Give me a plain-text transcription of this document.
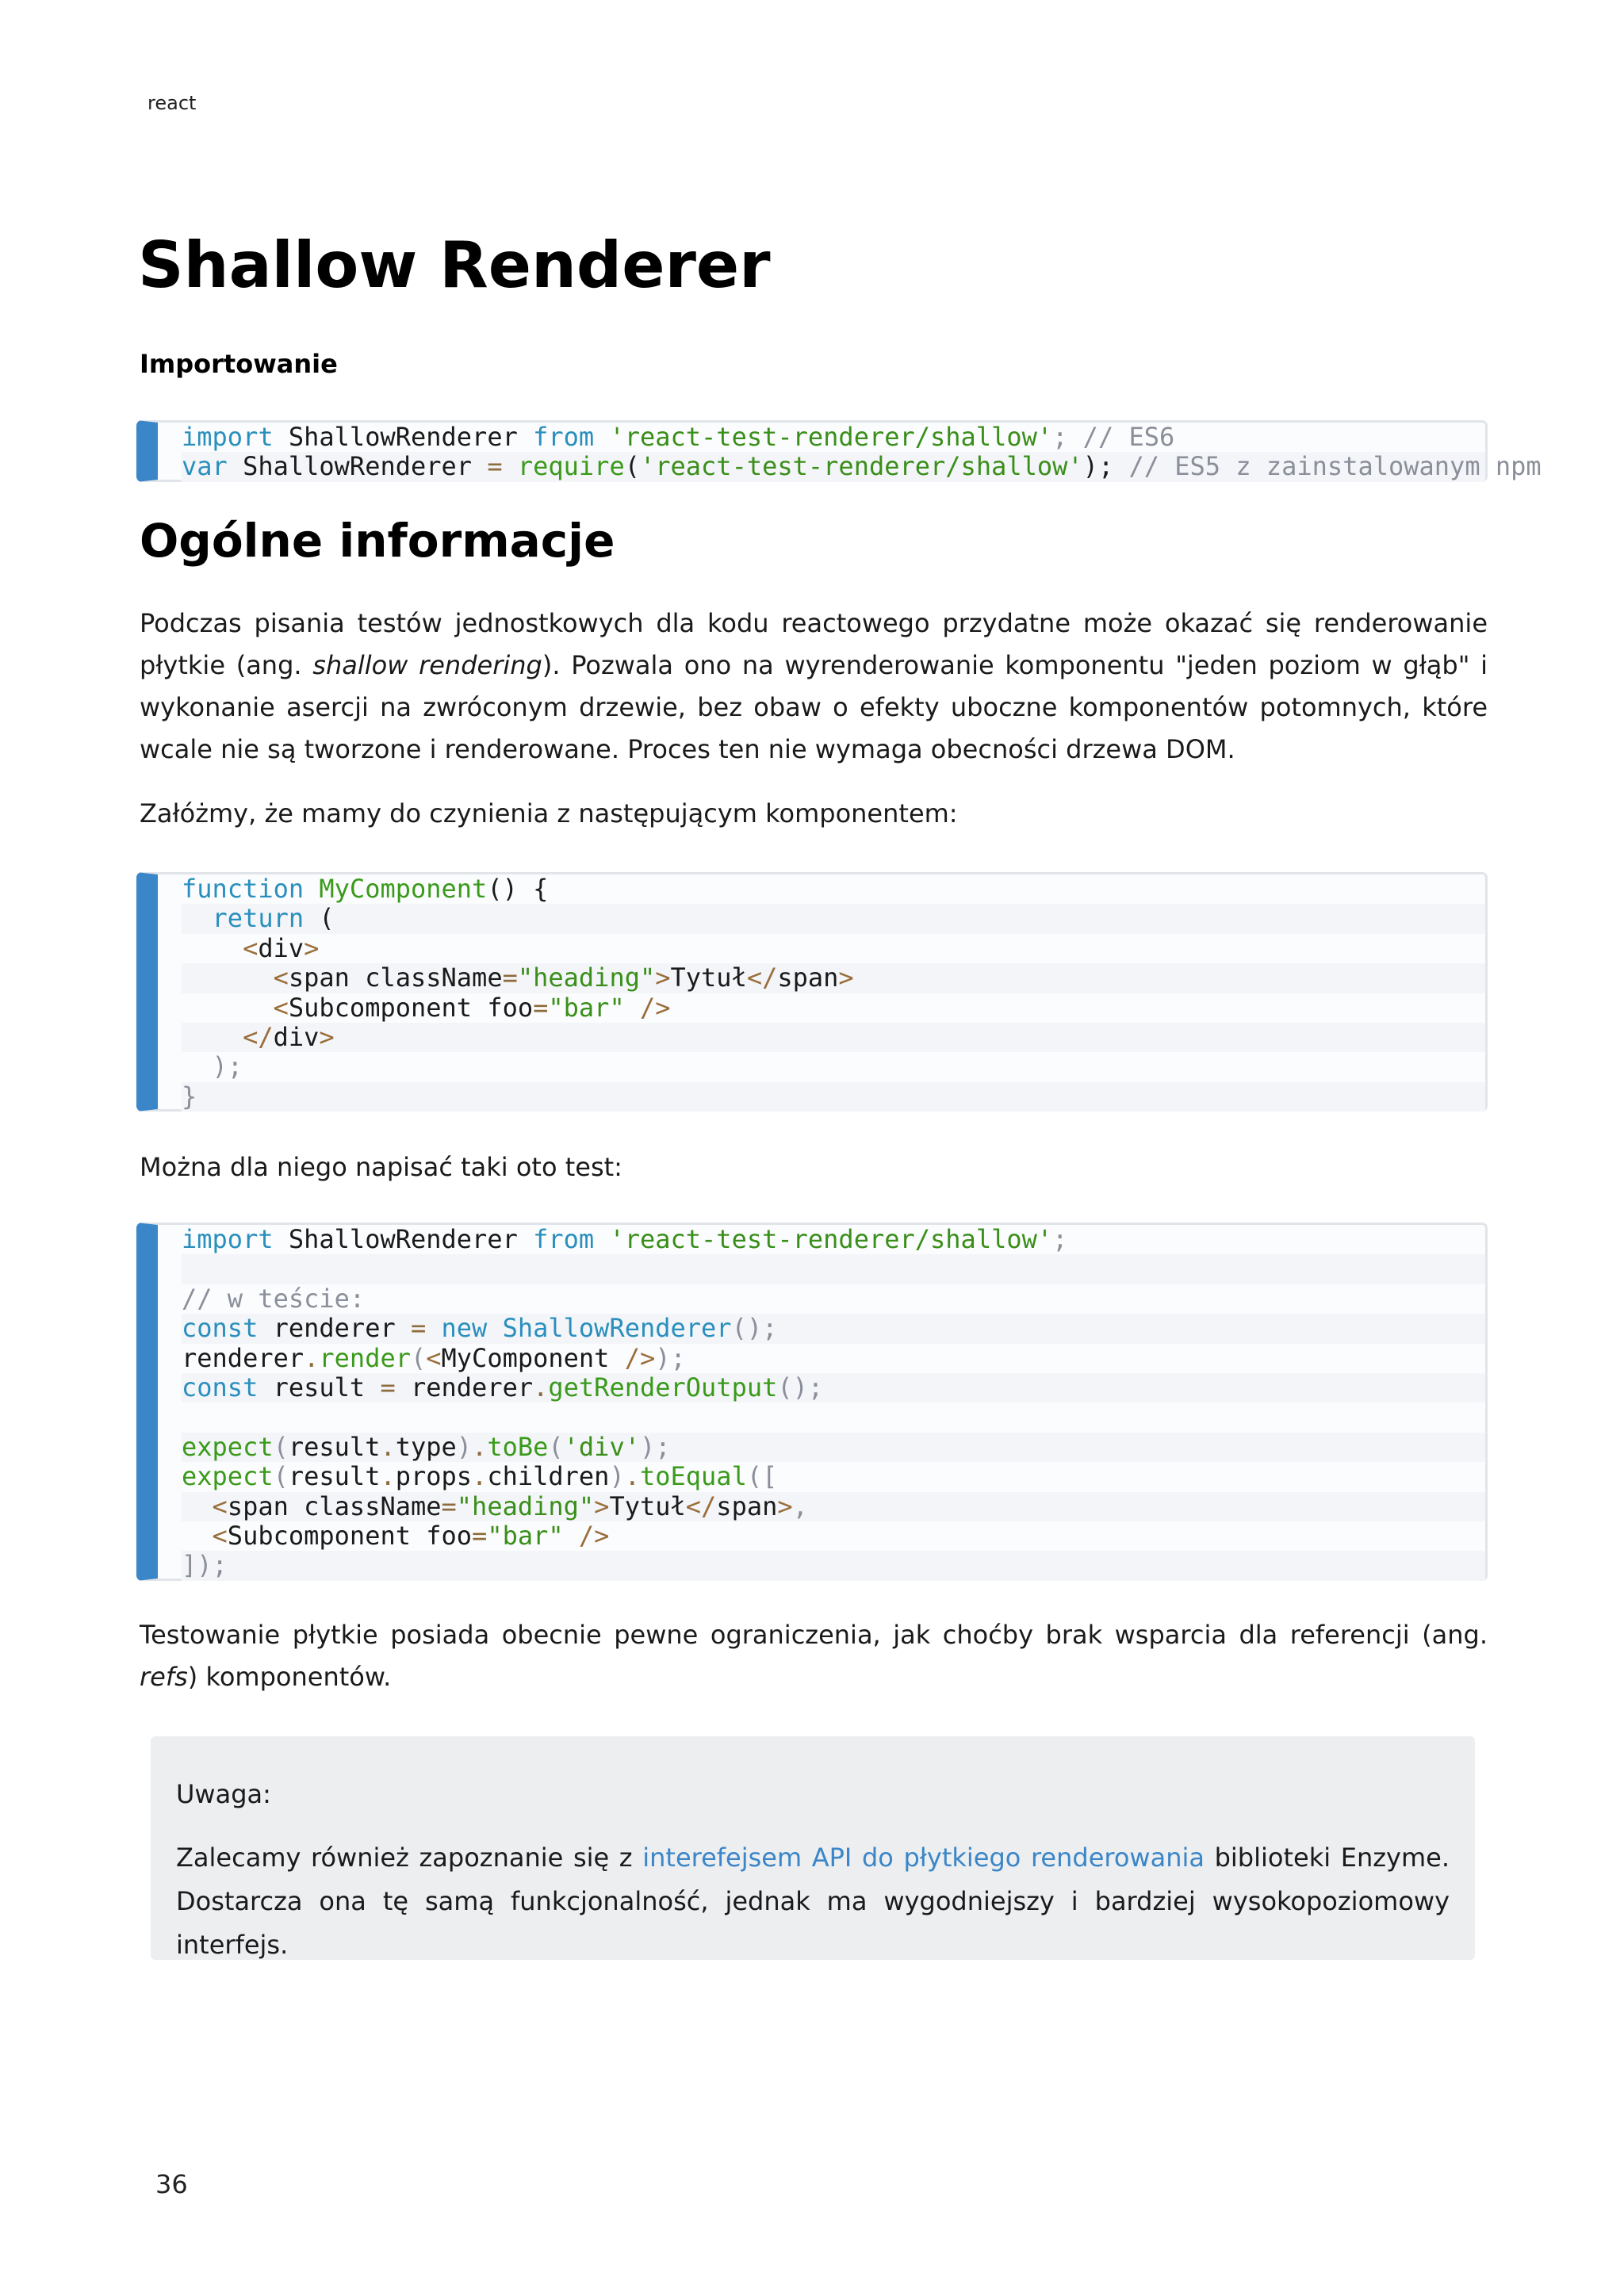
react
Shallow Renderer
Importowanie
import ShallowRenderer from 'react-test-renderer/shallow'; // ES6
var ShallowRenderer = require('react-test-renderer/shallow'); // ES5 z zainstalowanym npm
Ogólne informacje

Podczas pisania testów jednostkowych dla kodu reactowego przydatne może okazać się renderowanie płytkie (ang. shallow rendering). Pozwala ono na wyrenderowanie komponentu "jeden poziom w głąb" i wykonanie asercji na zwróconym drzewie, bez obaw o efekty uboczne komponentów potomnych, które wcale nie są tworzone i renderowane. Proces ten nie wymaga obecności drzewa DOM.

Załóżmy, że mamy do czynienia z następującym komponentem:

function MyComponent() {
return (
<div>
<span className="heading">Tytuł</span>
<Subcomponent foo="bar" />
</div>
);
}

Można dla niego napisać taki oto test:

import ShallowRenderer from 'react-test-renderer/shallow';

// w teście:
const renderer = new ShallowRenderer();
renderer.render(<MyComponent />);
const result = renderer.getRenderOutput();

expect(result.type).toBe('div');
expect(result.props.children).toEqual([
<span className="heading">Tytuł</span>,
<Subcomponent foo="bar" />
]);

Testowanie płytkie posiada obecnie pewne ograniczenia, jak choćby brak wsparcia dla referencji (ang. refs) komponentów.

Uwaga:

Zalecamy również zapoznanie się z interefejsem API do płytkiego renderowania biblioteki Enzyme. Dostarcza ona tę samą funkcjonalność, jednak ma wygodniejszy i bardziej wysokopoziomowy interfejs.

36
